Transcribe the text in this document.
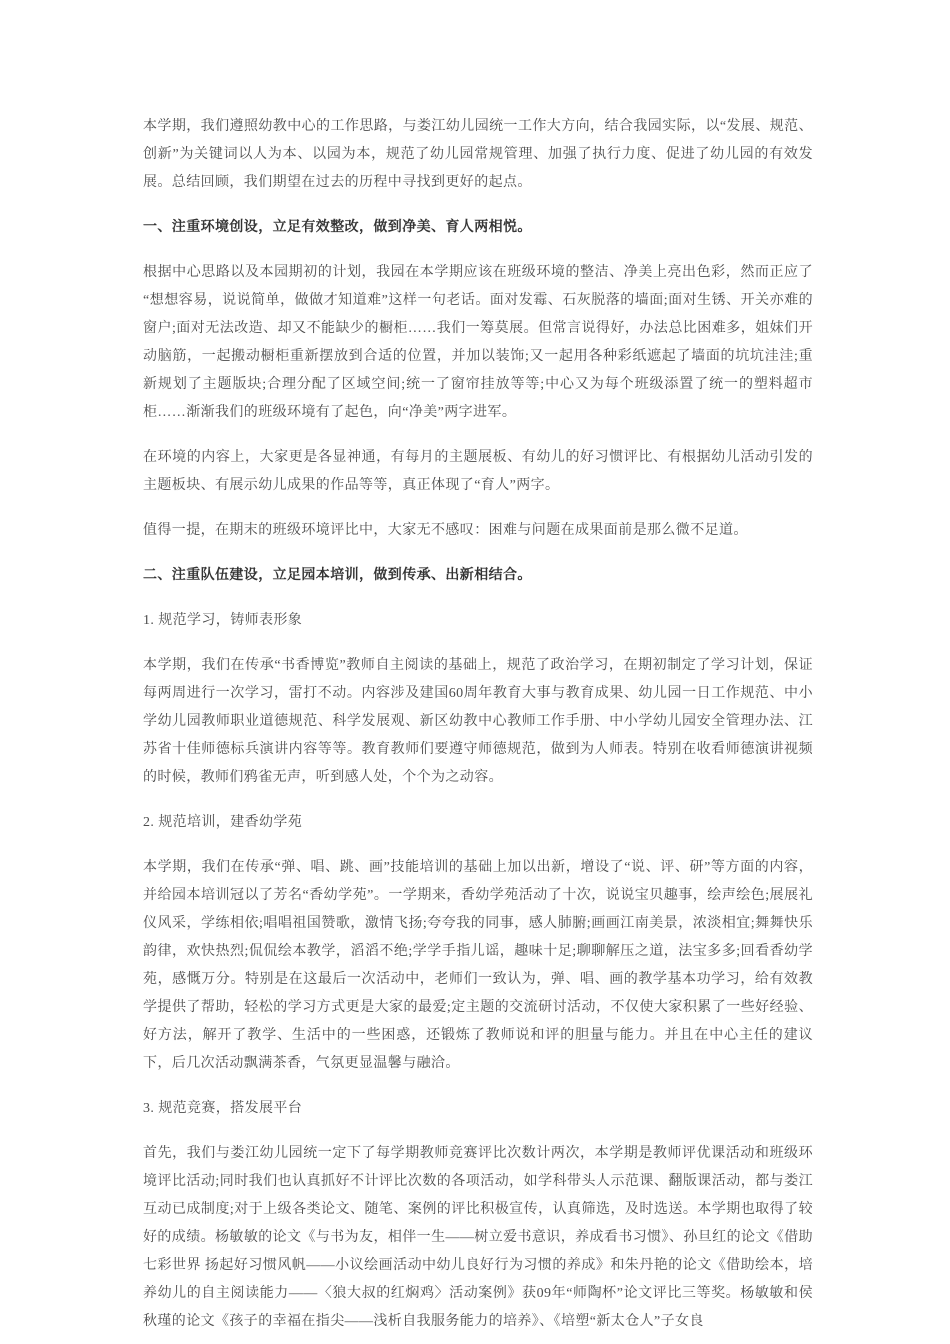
本学期，我们遵照幼教中心的工作思路，与娄江幼儿园统一工作大方向，结合我园实际，以“发展、规范、创新”为关键词以人为本、以园为本，规范了幼儿园常规管理、加强了执行力度、促进了幼儿园的有效发展。总结回顾，我们期望在过去的历程中寻找到更好的起点。

一、注重环境创设，立足有效整改，做到净美、育人两相悦。

根据中心思路以及本园期初的计划，我园在本学期应该在班级环境的整洁、净美上亮出色彩，然而正应了“想想容易，说说简单，做做才知道难”这样一句老话。面对发霉、石灰脱落的墙面;面对生锈、开关亦难的窗户;面对无法改造、却又不能缺少的橱柜……我们一筹莫展。但常言说得好，办法总比困难多，姐妹们开动脑筋，一起搬动橱柜重新摆放到合适的位置，并加以装饰;又一起用各种彩纸遮起了墙面的坑坑洼洼;重新规划了主题版块;合理分配了区域空间;统一了窗帘挂放等等;中心又为每个班级添置了统一的塑料超市柜……渐渐我们的班级环境有了起色，向“净美”两字进军。

在环境的内容上，大家更是各显神通，有每月的主题展板、有幼儿的好习惯评比、有根据幼儿活动引发的主题板块、有展示幼儿成果的作品等等，真正体现了“育人”两字。

值得一提，在期末的班级环境评比中，大家无不感叹：困难与问题在成果面前是那么微不足道。

二、注重队伍建设，立足园本培训，做到传承、出新相结合。

1. 规范学习，铸师表形象

本学期，我们在传承“书香博览”教师自主阅读的基础上，规范了政治学习，在期初制定了学习计划，保证每两周进行一次学习，雷打不动。内容涉及建国60周年教育大事与教育成果、幼儿园一日工作规范、中小学幼儿园教师职业道德规范、科学发展观、新区幼教中心教师工作手册、中小学幼儿园安全管理办法、江苏省十佳师德标兵演讲内容等等。教育教师们要遵守师德规范，做到为人师表。特别在收看师德演讲视频的时候，教师们鸦雀无声，听到感人处，个个为之动容。

2. 规范培训，建香幼学苑

本学期，我们在传承“弹、唱、跳、画”技能培训的基础上加以出新，增设了“说、评、研”等方面的内容，并给园本培训冠以了芳名“香幼学苑”。一学期来，香幼学苑活动了十次，说说宝贝趣事，绘声绘色;展展礼仪风采，学练相依;唱唱祖国赞歌，激情飞扬;夸夸我的同事，感人肺腑;画画江南美景，浓淡相宜;舞舞快乐韵律，欢快热烈;侃侃绘本教学，滔滔不绝;学学手指儿谣，趣味十足;聊聊解压之道，法宝多多;回看香幼学苑，感慨万分。特别是在这最后一次活动中，老师们一致认为，弹、唱、画的教学基本功学习，给有效教学提供了帮助，轻松的学习方式更是大家的最爱;定主题的交流研讨活动，不仅使大家积累了一些好经验、好方法，解开了教学、生活中的一些困惑，还锻炼了教师说和评的胆量与能力。并且在中心主任的建议下，后几次活动飘满茶香，气氛更显温馨与融洽。

3. 规范竞赛，搭发展平台

首先，我们与娄江幼儿园统一定下了每学期教师竞赛评比次数计两次，本学期是教师评优课活动和班级环境评比活动;同时我们也认真抓好不计评比次数的各项活动，如学科带头人示范课、翻版课活动，都与娄江互动已成制度;对于上级各类论文、随笔、案例的评比积极宣传，认真筛选，及时选送。本学期也取得了较好的成绩。杨敏敏的论文《与书为友，相伴一生——树立爱书意识，养成看书习惯》、孙旦红的论文《借助七彩世界 扬起好习惯风帆——小议绘画活动中幼儿良好行为习惯的养成》和朱丹艳的论文《借助绘本，培养幼儿的自主阅读能力——〈狼大叔的红焖鸡〉活动案例》获09年“师陶杯”论文评比三等奖。杨敏敏和侯秋瑾的论文《孩子的幸福在指尖——浅析自我服务能力的培养》、《培塑“新太仓人”子女良
